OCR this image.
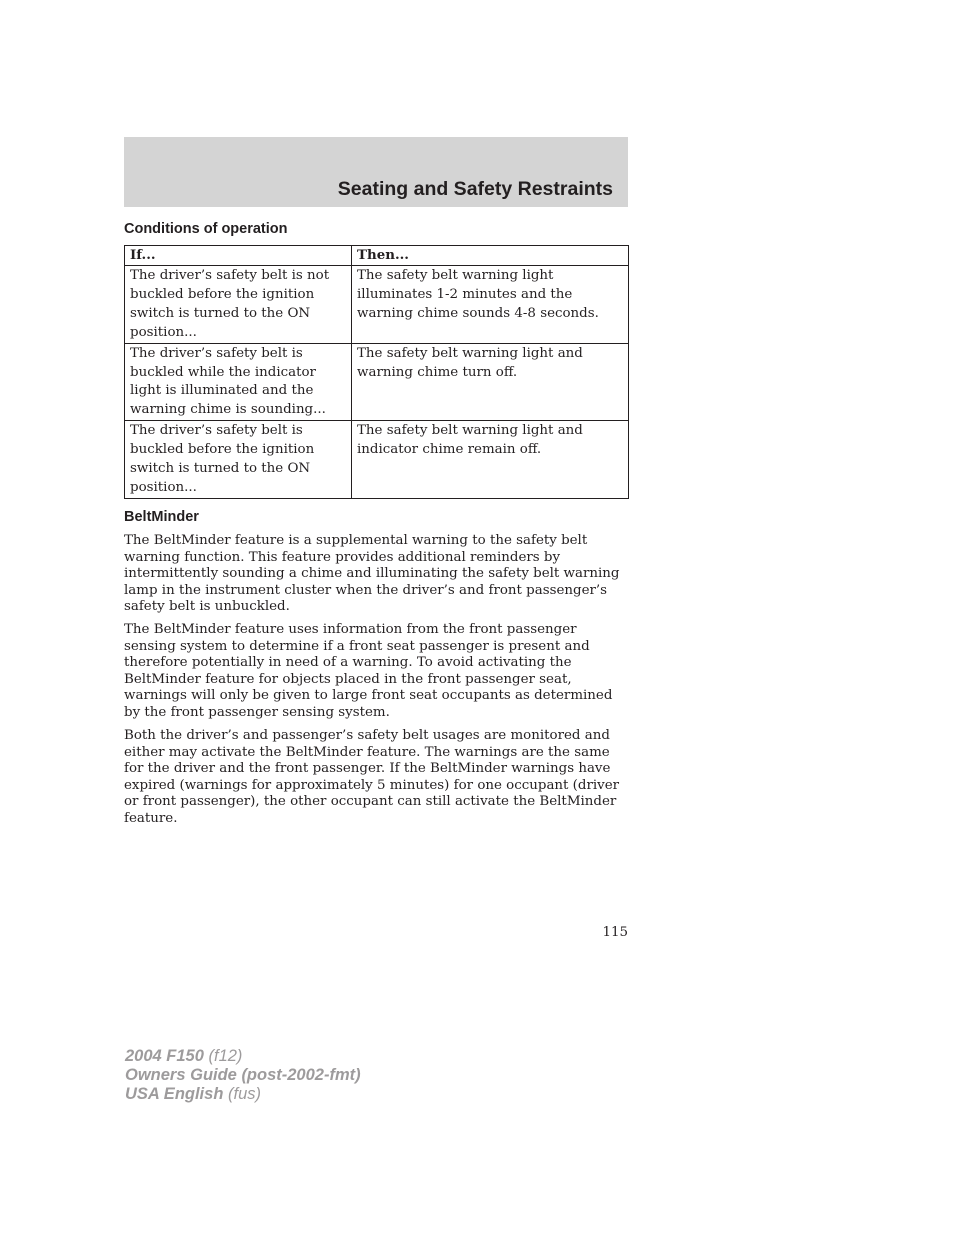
Seating and Safety Restraints
Conditions of operation
If...	Then...
The driver’s safety belt is not buckled before the ignition switch is turned to the ON position...	The safety belt warning light illuminates 1-2 minutes and the warning chime sounds 4-8 seconds.
The driver’s safety belt is buckled while the indicator light is illuminated and the warning chime is sounding...	The safety belt warning light and warning chime turn off.
The driver’s safety belt is buckled before the ignition switch is turned to the ON position...	The safety belt warning light and indicator chime remain off.
BeltMinder

The BeltMinder feature is a supplemental warning to the safety belt warning function. This feature provides additional reminders by intermittently sounding a chime and illuminating the safety belt warning lamp in the instrument cluster when the driver’s and front passenger’s safety belt is unbuckled.

The BeltMinder feature uses information from the front passenger sensing system to determine if a front seat passenger is present and therefore potentially in need of a warning. To avoid activating the BeltMinder feature for objects placed in the front passenger seat, warnings will only be given to large front seat occupants as determined by the front passenger sensing system.

Both the driver’s and passenger’s safety belt usages are monitored and either may activate the BeltMinder feature. The warnings are the same for the driver and the front passenger. If the BeltMinder warnings have expired (warnings for approximately 5 minutes) for one occupant (driver or front passenger), the other occupant can still activate the BeltMinder feature.

115
2004 F150 (f12)
Owners Guide (post-2002-fmt)
USA English (fus)
